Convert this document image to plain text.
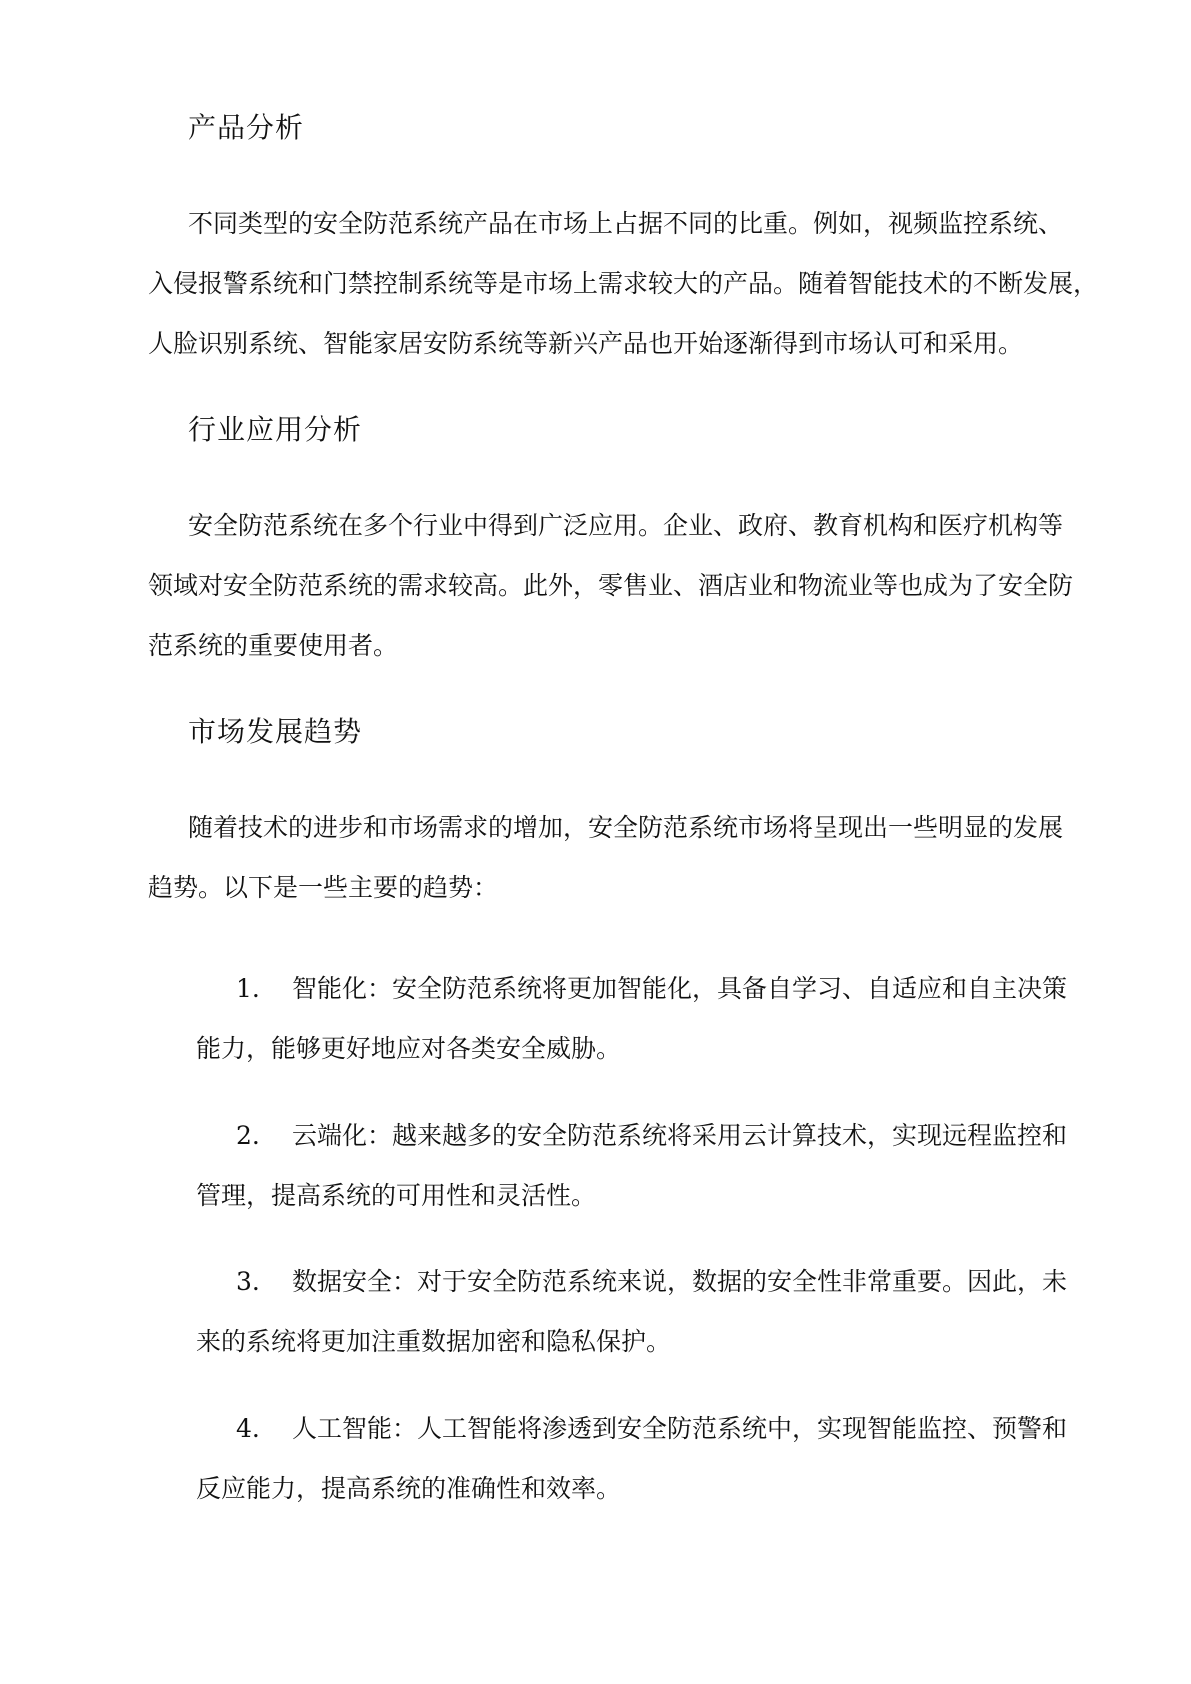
产品分析
不同类型的安全防范系统产品在市场上占据不同的比重。例如，视频监控系统、
入侵报警系统和门禁控制系统等是市场上需求较大的产品。随着智能技术的不断发展，
人脸识别系统、智能家居安防系统等新兴产品也开始逐渐得到市场认可和采用。
行业应用分析
安全防范系统在多个行业中得到广泛应用。企业、政府、教育机构和医疗机构等
领域对安全防范系统的需求较高。此外，零售业、酒店业和物流业等也成为了安全防
范系统的重要使用者。
市场发展趋势
随着技术的进步和市场需求的增加，安全防范系统市场将呈现出一些明显的发展
趋势。以下是一些主要的趋势：
1. 智能化：安全防范系统将更加智能化，具备自学习、自适应和自主决策
能力，能够更好地应对各类安全威胁。
2. 云端化：越来越多的安全防范系统将采用云计算技术，实现远程监控和
管理，提高系统的可用性和灵活性。
3. 数据安全：对于安全防范系统来说，数据的安全性非常重要。因此，未
来的系统将更加注重数据加密和隐私保护。
4. 人工智能：人工智能将渗透到安全防范系统中，实现智能监控、预警和
反应能力，提高系统的准确性和效率。
